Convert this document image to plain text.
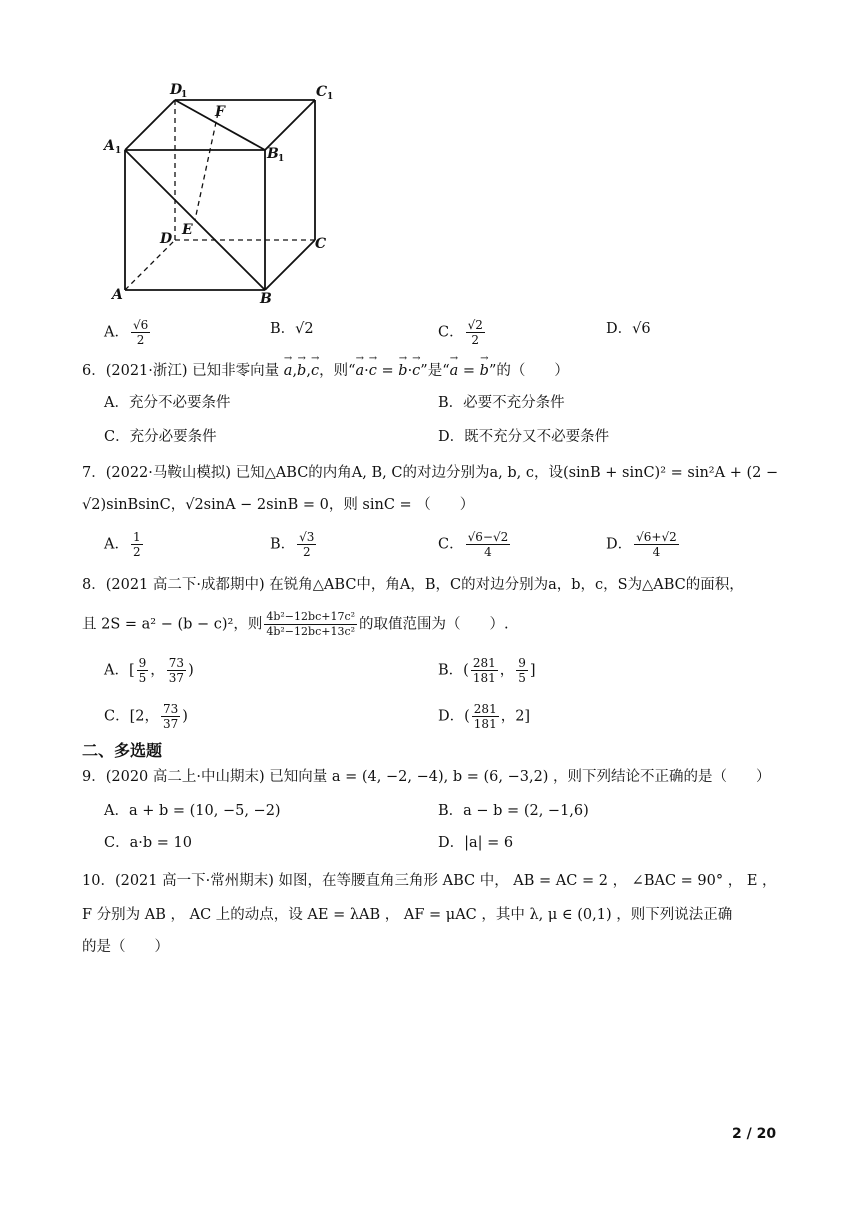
D
1	C 1
A 1	B 1
F
E
D	C
A	B
A． $\frac{√6}{2}$	B．√2	C． $\frac{√2}{2}$	D．√6
6．(2021·浙江) 已知非零向量 → a,→ b,→ c，则“→ a·→ c = → b·→ c”是“→ a = → b”的（　　）
A．充分不必要条件	B．必要不充分条件
C．充分必要条件	D．既不充分又不必要条件
7．(2022·马鞍山模拟) 已知△ABC的内角A, B, C的对边分别为a, b, c，设(sinB + sinC)² = sin²A + (2 −
√2)sinBsinC，√2sinA − 2sinB = 0，则 sinC = （　　）
A． $\frac{1}{2}$	B． $\frac{√3}{2}$	C． $\frac{√6-√2}{4}$	D． $\frac{√6+√2}{4}$
8．(2021 高二下·成都期中) 在锐角△ABC中，角A，B，C的对边分别为a，b，c，S为△ABC的面积，
且 2S = a² − (b − c)²，则 $\frac{\text{4b²−12bc+17c²}}{\text{4b²−12bc+13c²}}$ 的取值范围为（　　）.
A．[ $\frac{9}{5}$ ， $\frac{73}{37}$ )	B．( $\frac{281}{181}$ ， $\frac{9}{5}$ ]
C．[2， $\frac{73}{37}$ )	D．( $\frac{281}{181}$ ，2]
二、多选题
9．(2020 高二上·中山期末) 已知向量 a = (4, −2, −4), b = (6, −3,2) ，则下列结论不正确的是（　　）
A．a + b = (10, −5, −2)	B．a − b = (2, −1,6)
C．a·b = 10	D．|a| = 6
10．(2021 高一下·常州期末) 如图，在等腰直角三角形 ABC 中， AB = AC = 2 ， ∠BAC = 90° ， E ，
F 分别为 AB ， AC 上的动点，设 AE = λAB ， AF = μAC ，其中 λ, μ ∈ (0,1) ，则下列说法正确
的是（　　）
2 / 20
